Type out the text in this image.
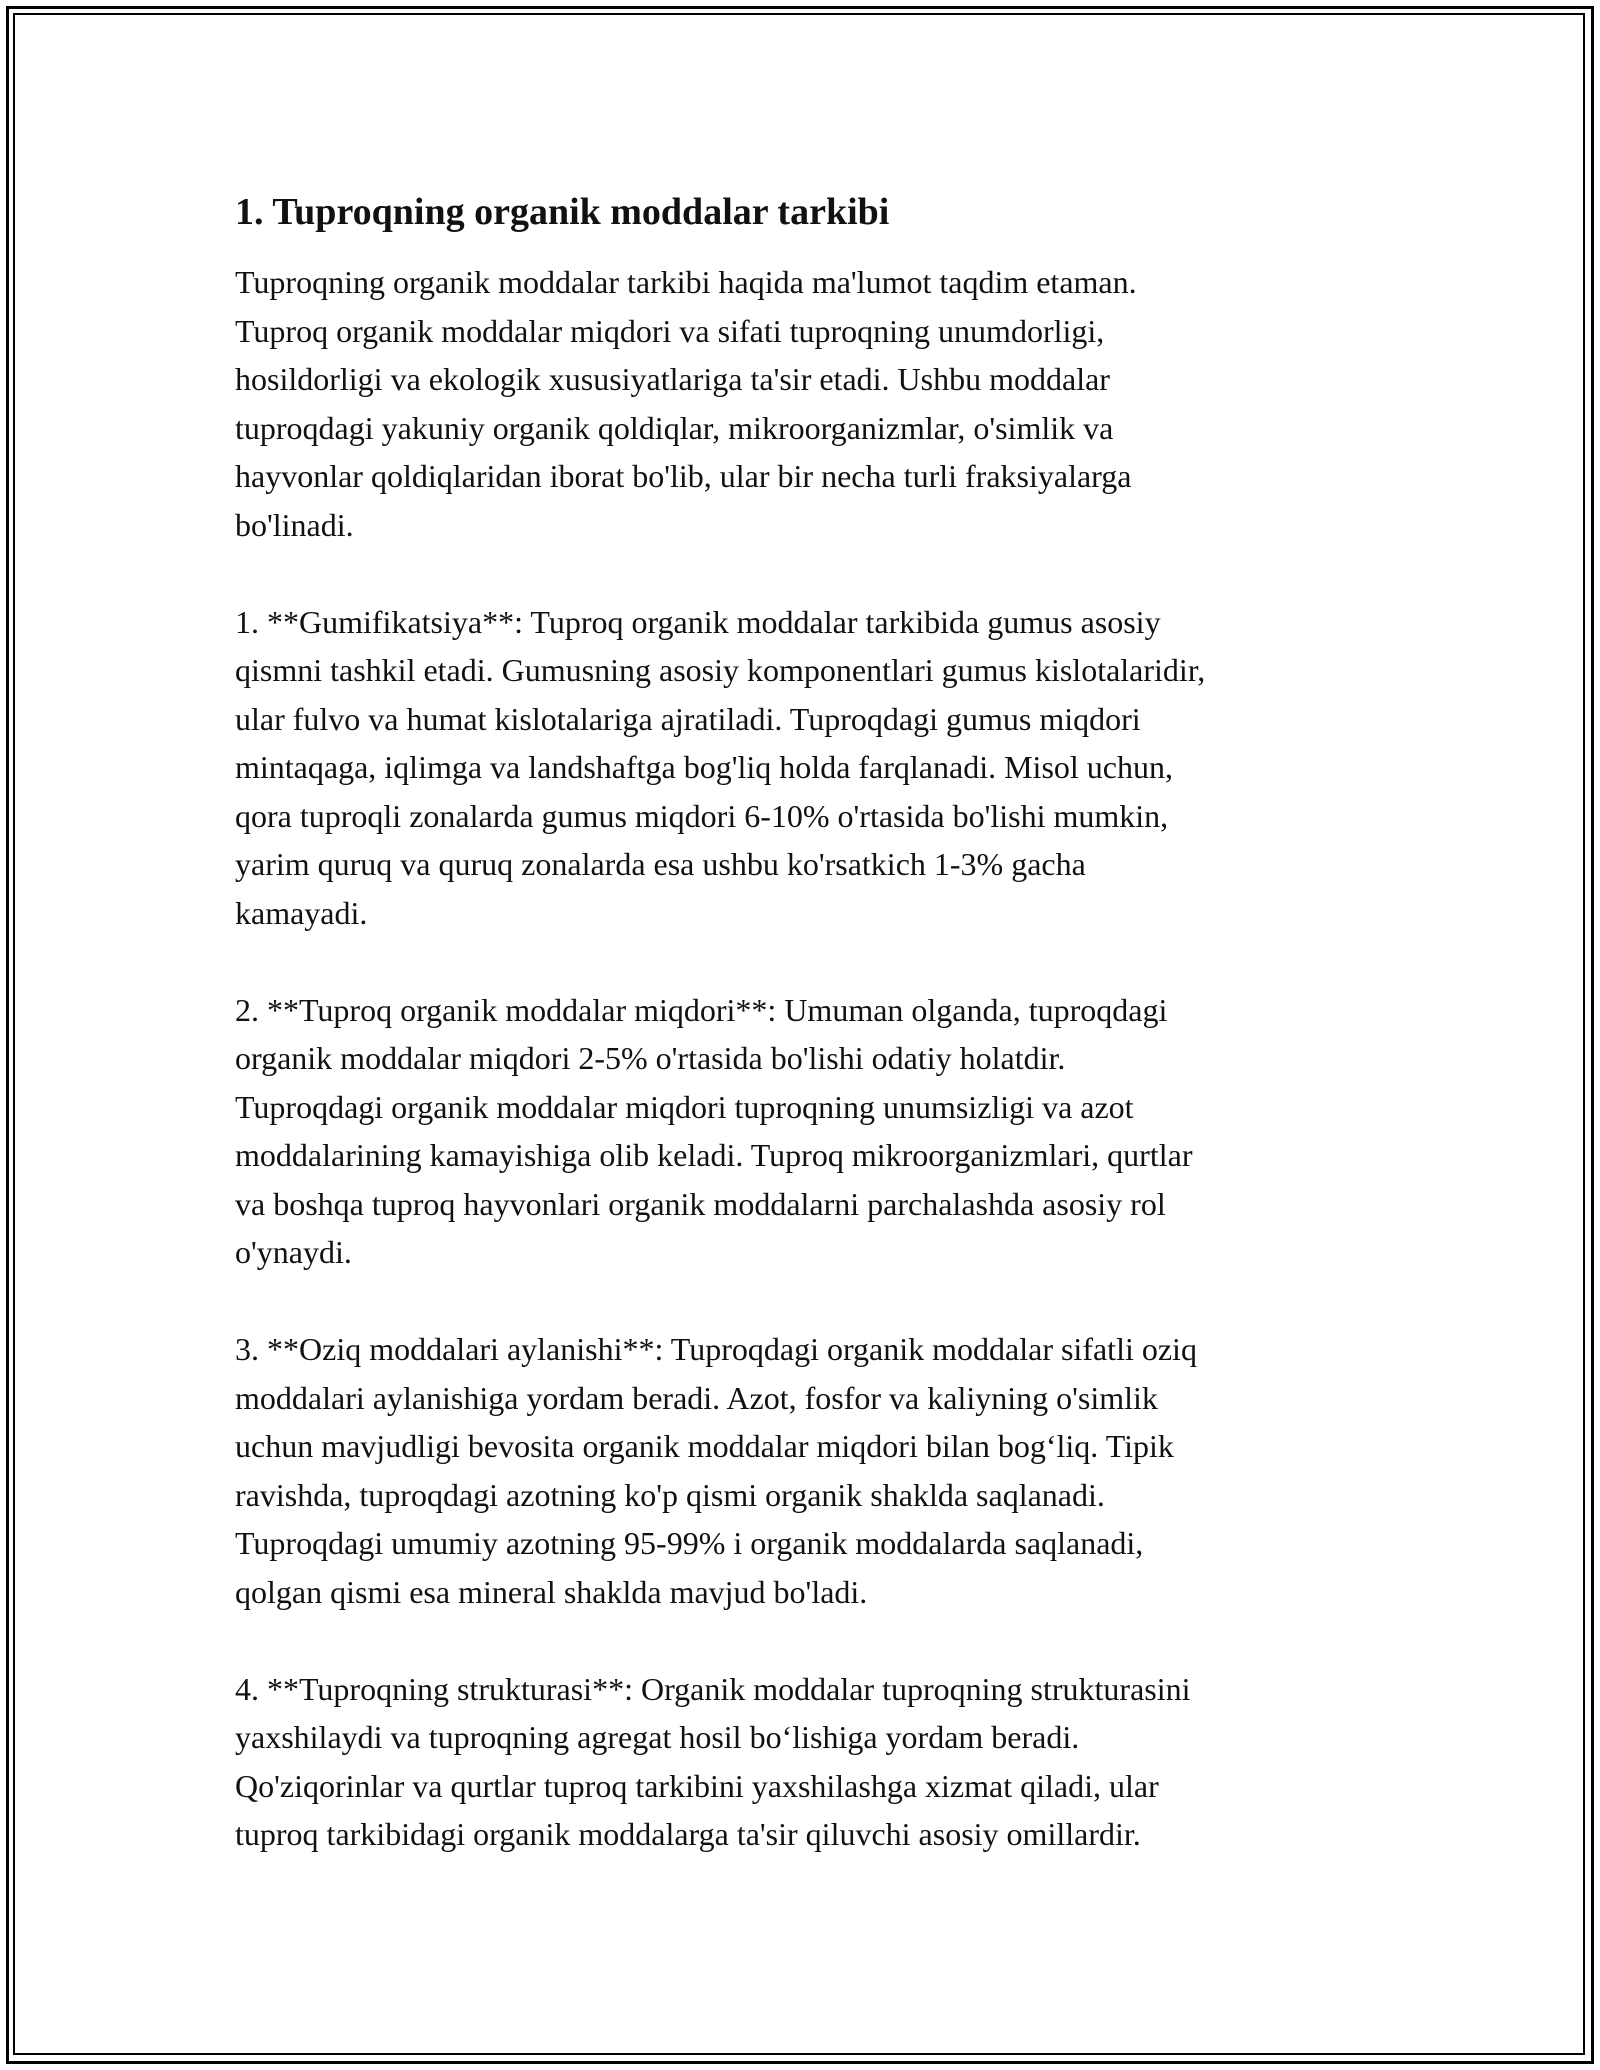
1. Tuproqning organik moddalar tarkibi

Tuproqning organik moddalar tarkibi haqida ma'lumot taqdim etaman.
Tuproq organik moddalar miqdori va sifati tuproqning unumdorligi,
hosildorligi va ekologik xususiyatlariga ta'sir etadi. Ushbu moddalar
tuproqdagi yakuniy organik qoldiqlar, mikroorganizmlar, o'simlik va
hayvonlar qoldiqlaridan iborat bo'lib, ular bir necha turli fraksiyalarga
bo'linadi.

1. **Gumifikatsiya**: Tuproq organik moddalar tarkibida gumus asosiy
qismni tashkil etadi. Gumusning asosiy komponentlari gumus kislotalaridir,
ular fulvo va humat kislotalariga ajratiladi. Tuproqdagi gumus miqdori
mintaqaga, iqlimga va landshaftga bog'liq holda farqlanadi. Misol uchun,
qora tuproqli zonalarda gumus miqdori 6-10% o'rtasida bo'lishi mumkin,
yarim quruq va quruq zonalarda esa ushbu ko'rsatkich 1-3% gacha
kamayadi.

2. **Tuproq organik moddalar miqdori**: Umuman olganda, tuproqdagi
organik moddalar miqdori 2-5% o'rtasida bo'lishi odatiy holatdir.
Tuproqdagi organik moddalar miqdori tuproqning unumsizligi va azot
moddalarining kamayishiga olib keladi. Tuproq mikroorganizmlari, qurtlar
va boshqa tuproq hayvonlari organik moddalarni parchalashda asosiy rol
o'ynaydi.

3. **Oziq moddalari aylanishi**: Tuproqdagi organik moddalar sifatli oziq
moddalari aylanishiga yordam beradi. Azot, fosfor va kaliyning o'simlik
uchun mavjudligi bevosita organik moddalar miqdori bilan bog‘liq. Tipik
ravishda, tuproqdagi azotning ko'p qismi organik shaklda saqlanadi.
Tuproqdagi umumiy azotning 95-99% i organik moddalarda saqlanadi,
qolgan qismi esa mineral shaklda mavjud bo'ladi.

4. **Tuproqning strukturasi**: Organik moddalar tuproqning strukturasini
yaxshilaydi va tuproqning agregat hosil bo‘lishiga yordam beradi.
Qo'ziqorinlar va qurtlar tuproq tarkibini yaxshilashga xizmat qiladi, ular
tuproq tarkibidagi organik moddalarga ta'sir qiluvchi asosiy omillardir.
